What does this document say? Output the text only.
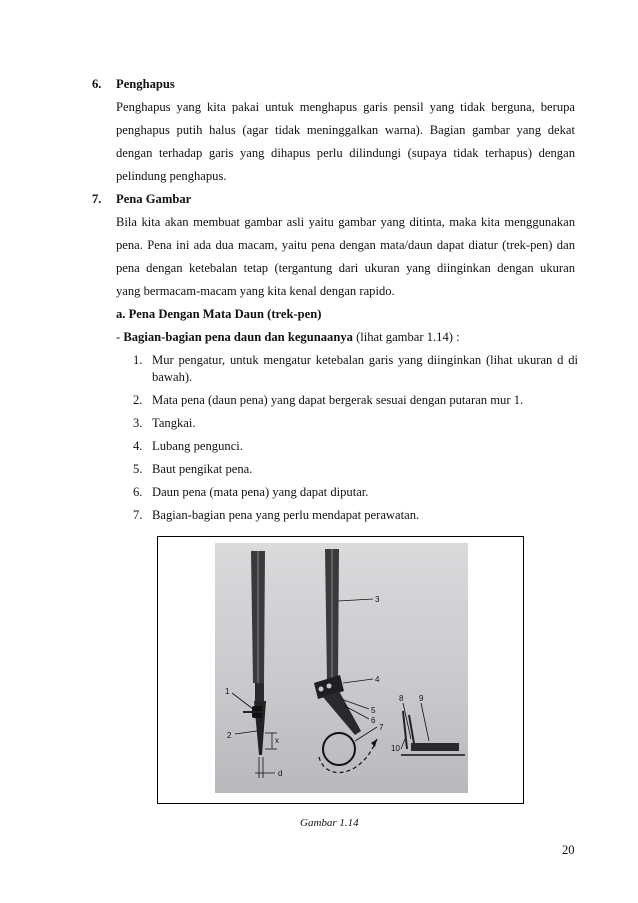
6. Penghapus
Penghapus yang kita pakai untuk menghapus garis pensil yang tidak berguna, berupa
penghapus putih halus (agar tidak meninggalkan warna). Bagian gambar yang dekat
dengan terhadap garis yang dihapus perlu dilindungi (supaya tidak terhapus) dengan
pelindung penghapus.
7. Pena Gambar
Bila kita akan membuat gambar asli yaitu gambar yang ditinta, maka kita menggunakan
pena. Pena ini ada dua macam, yaitu pena dengan mata/daun dapat diatur (trek-pen) dan
pena dengan ketebalan tetap (tergantung dari ukuran yang diinginkan dengan ukuran
yang bermacam-macam yang kita kenal dengan rapido.
a. Pena Dengan Mata Daun (trek-pen)
- Bagian-bagian pena daun dan kegunaanya (lihat gambar 1.14) :
1. Mur pengatur, untuk mengatur ketebalan garis yang diinginkan (lihat ukuran d di
bawah).
2. Mata pena (daun pena) yang dapat bergerak sesuai dengan putaran mur 1.
3. Tangkai.
4. Lubang pengunci.
5. Baut pengikat pena.
6. Daun pena (mata pena) yang dapat diputar.
7. Bagian-bagian pena yang perlu mendapat perawatan.
1
2
3
4
5
6
7
8 9
10
x
d
Gambar 1.14
20
